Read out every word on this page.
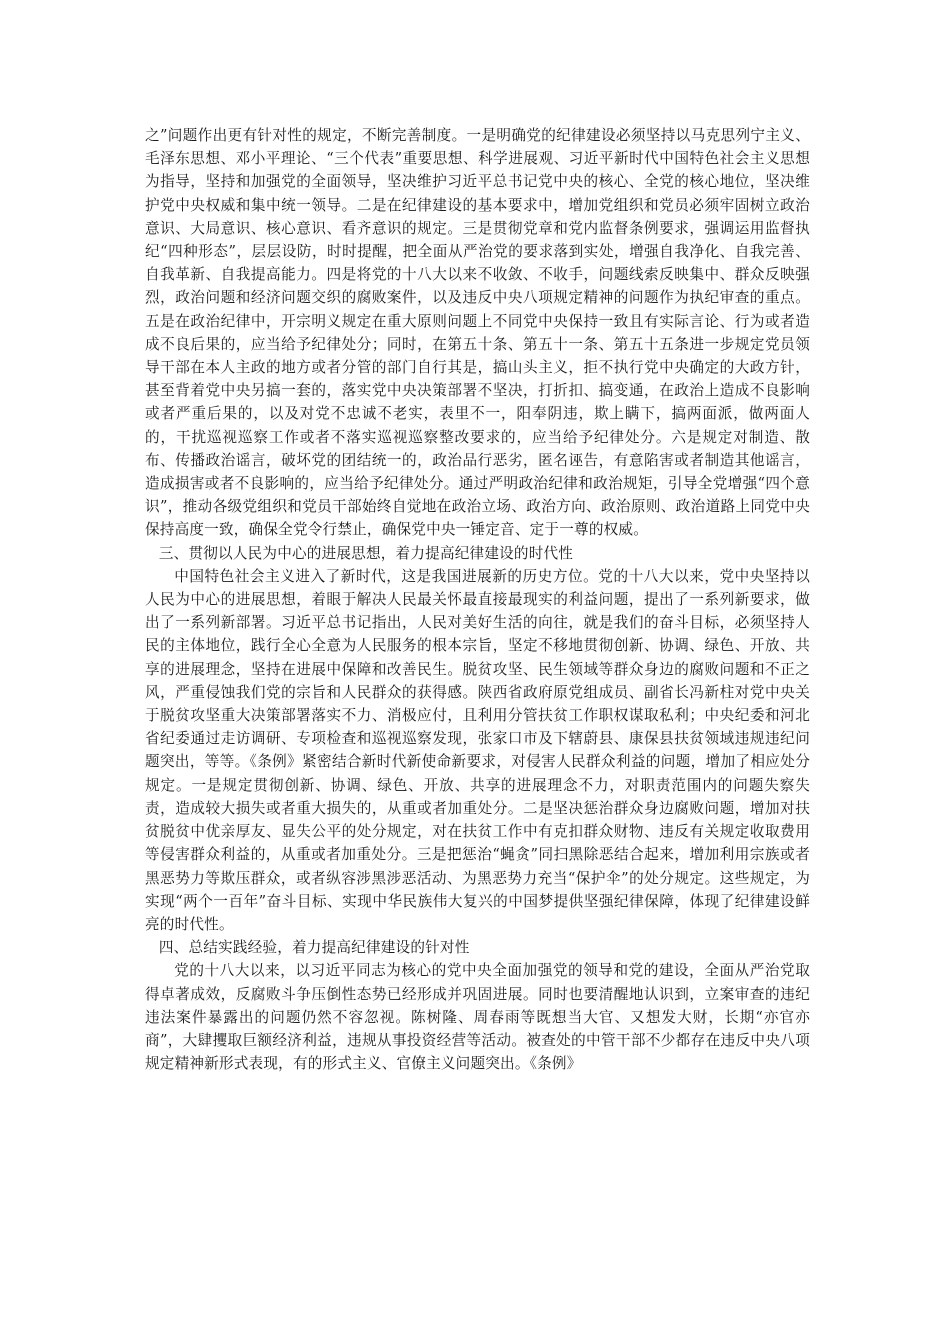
之”问题作出更有针对性的规定，不断完善制度。一是明确党的纪律建设必须坚持以马克思列宁主义、毛泽东思想、邓小平理论、“三个代表”重要思想、科学进展观、习近平新时代中国特色社会主义思想为指导，坚持和加强党的全面领导，坚决维护习近平总书记党中央的核心、全党的核心地位，坚决维护党中央权威和集中统一领导。二是在纪律建设的基本要求中，增加党组织和党员必须牢固树立政治意识、大局意识、核心意识、看齐意识的规定。三是贯彻党章和党内监督条例要求，强调运用监督执纪“四种形态”，层层设防，时时提醒，把全面从严治党的要求落到实处，增强自我净化、自我完善、自我革新、自我提高能力。四是将党的十八大以来不收敛、不收手，问题线索反映集中、群众反映强烈，政治问题和经济问题交织的腐败案件，以及违反中央八项规定精神的问题作为执纪审查的重点。五是在政治纪律中，开宗明义规定在重大原则问题上不同党中央保持一致且有实际言论、行为或者造成不良后果的，应当给予纪律处分；同时，在第五十条、第五十一条、第五十五条进一步规定党员领导干部在本人主政的地方或者分管的部门自行其是，搞山头主义，拒不执行党中央确定的大政方针，甚至背着党中央另搞一套的，落实党中央决策部署不坚决，打折扣、搞变通，在政治上造成不良影响或者严重后果的，以及对党不忠诚不老实，表里不一，阳奉阴违，欺上瞒下，搞两面派，做两面人的，干扰巡视巡察工作或者不落实巡视巡察整改要求的，应当给予纪律处分。六是规定对制造、散布、传播政治谣言，破坏党的团结统一的，政治品行恶劣，匿名诬告，有意陷害或者制造其他谣言，造成损害或者不良影响的，应当给予纪律处分。通过严明政治纪律和政治规矩，引导全党增强“四个意识”，推动各级党组织和党员干部始终自觉地在政治立场、政治方向、政治原则、政治道路上同党中央保持高度一致，确保全党令行禁止，确保党中央一锤定音、定于一尊的权威。

三、贯彻以人民为中心的进展思想，着力提高纪律建设的时代性

中国特色社会主义进入了新时代，这是我国进展新的历史方位。党的十八大以来，党中央坚持以人民为中心的进展思想，着眼于解决人民最关怀最直接最现实的利益问题，提出了一系列新要求，做出了一系列新部署。习近平总书记指出，人民对美好生活的向往，就是我们的奋斗目标，必须坚持人民的主体地位，践行全心全意为人民服务的根本宗旨，坚定不移地贯彻创新、协调、绿色、开放、共享的进展理念，坚持在进展中保障和改善民生。脱贫攻坚、民生领域等群众身边的腐败问题和不正之风，严重侵蚀我们党的宗旨和人民群众的获得感。陕西省政府原党组成员、副省长冯新柱对党中央关于脱贫攻坚重大决策部署落实不力、消极应付，且利用分管扶贫工作职权谋取私利；中央纪委和河北省纪委通过走访调研、专项检查和巡视巡察发现，张家口市及下辖蔚县、康保县扶贫领域违规违纪问题突出，等等。《条例》紧密结合新时代新使命新要求，对侵害人民群众利益的问题，增加了相应处分规定。一是规定贯彻创新、协调、绿色、开放、共享的进展理念不力，对职责范围内的问题失察失责，造成较大损失或者重大损失的，从重或者加重处分。二是坚决惩治群众身边腐败问题，增加对扶贫脱贫中优亲厚友、显失公平的处分规定，对在扶贫工作中有克扣群众财物、违反有关规定收取费用等侵害群众利益的，从重或者加重处分。三是把惩治“蝇贪”同扫黑除恶结合起来，增加利用宗族或者黑恶势力等欺压群众，或者纵容涉黑涉恶活动、为黑恶势力充当“保护伞”的处分规定。这些规定，为实现“两个一百年”奋斗目标、实现中华民族伟大复兴的中国梦提供坚强纪律保障，体现了纪律建设鲜亮的时代性。

四、总结实践经验，着力提高纪律建设的针对性

党的十八大以来，以习近平同志为核心的党中央全面加强党的领导和党的建设，全面从严治党取得卓著成效，反腐败斗争压倒性态势已经形成并巩固进展。同时也要清醒地认识到，立案审查的违纪违法案件暴露出的问题仍然不容忽视。陈树隆、周春雨等既想当大官、又想发大财，长期“亦官亦商”，大肆攫取巨额经济利益，违规从事投资经营等活动。被查处的中管干部不少都存在违反中央八项规定精神新形式表现，有的形式主义、官僚主义问题突出。《条例》
